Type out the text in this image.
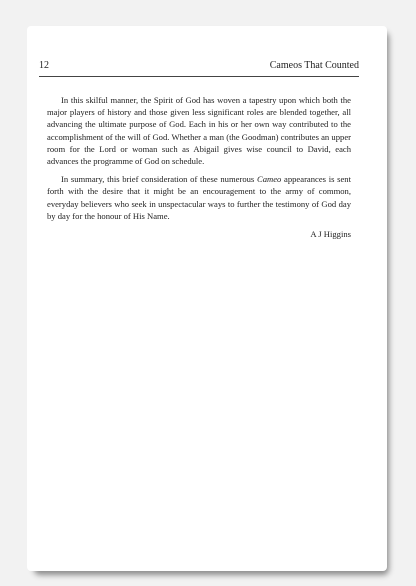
12	Cameos That Counted

In this skilful manner, the Spirit of God has woven a tapestry upon which both the major players of history and those given less significant roles are blended together, all advancing the ultimate purpose of God. Each in his or her own way contributed to the accomplishment of the will of God. Whether a man (the Goodman) contributes an upper room for the Lord or woman such as Abigail gives wise council to David, each advances the programme of God on schedule.

In summary, this brief consideration of these numerous Cameo appearances is sent forth with the desire that it might be an encouragement to the army of common, everyday believers who seek in unspectacular ways to further the testimony of God day by day for the honour of His Name.

A J Higgins
